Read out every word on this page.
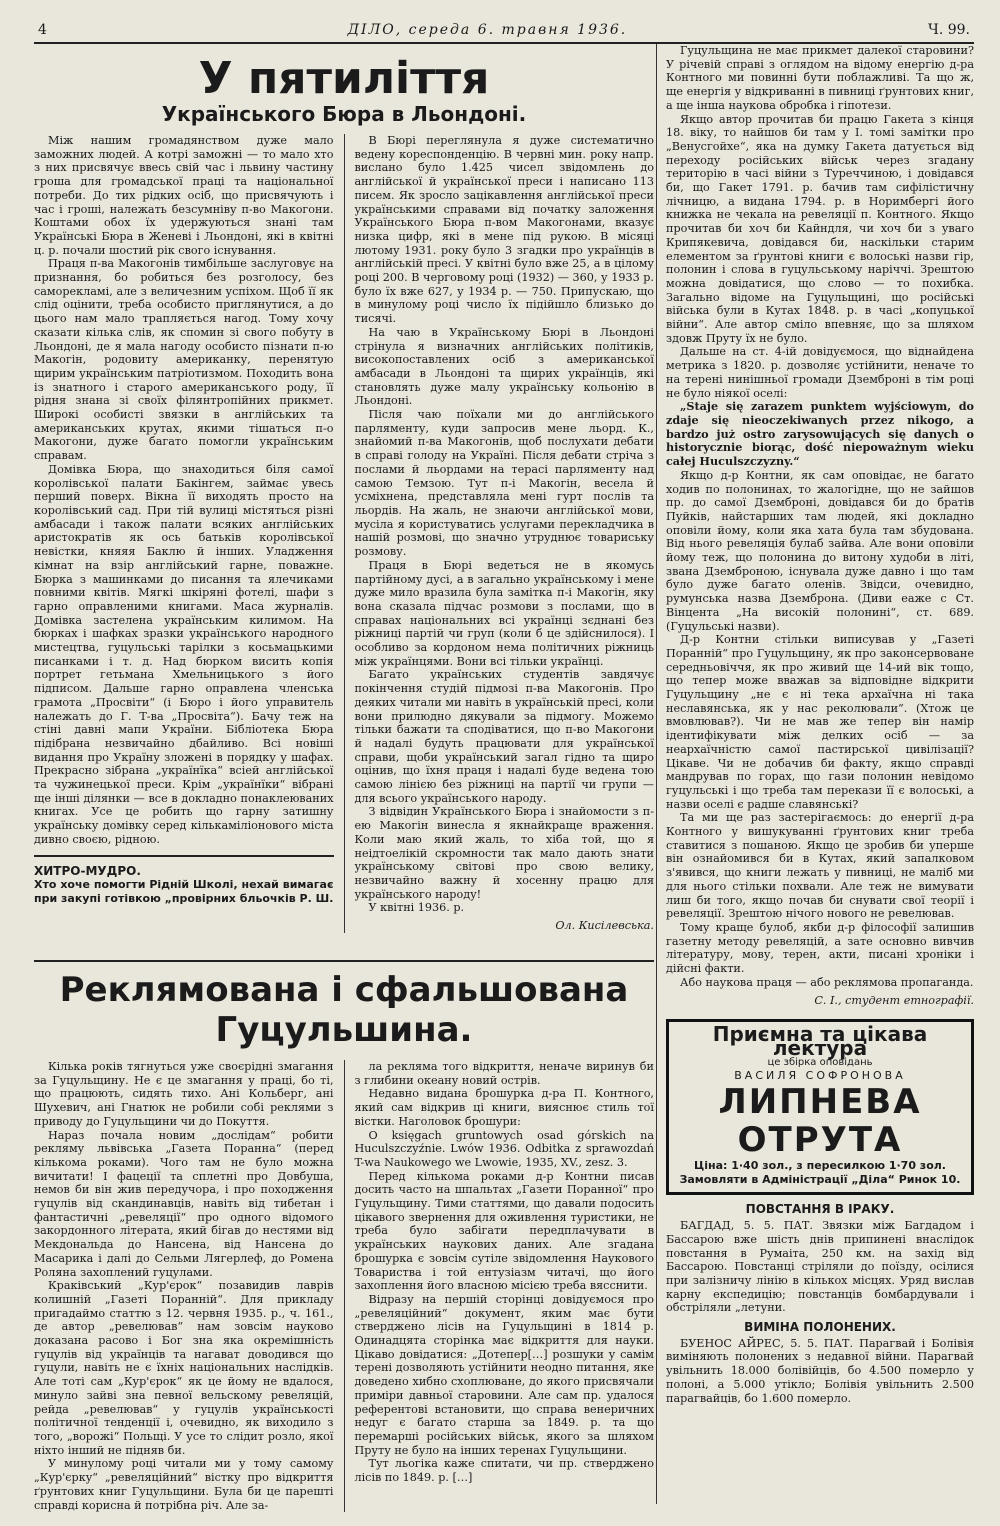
4	ДІЛО, середа 6. травня 1936.	Ч. 99.
У пятиліття
Українського Бюра в Льондоні.

Між нашим громадянством дуже мало заможних людей. А котрі заможні — то мало хто з них присвячує ввесь свій час і львину частину гроша для громадської праці та національної потреби. До тих рідких осіб, що присвячують і час і гроші, належать безсумніву п-во Макогони. Коштами обох їх удержуються знані там Українські Бюра в Женеві і Льондоні, які в квітні ц. р. почали шостий рік свого існування.

Праця п-ва Макогонів тимбільше заслуговує на признання, бо робиться без розголосу, без саморекламі, але з величезним успіхом. Щоб її як слід оцінити, треба особисто приглянутися, а до цього нам мало трапляється нагод. Тому хочу сказати кілька слів, як спомин зі свого побуту в Льондоні, де я мала нагоду особисто пізнати п-ю Макогін, родовиту американку, перенятую щирим українським патріотизмом. Походить вона із знатного і старого американського роду, її рідня знана зі своїх філянтропійних прикмет. Широкі особисті звязки в англійських та американських крутах, якими тішаться п-о Макогони, дуже багато помогли українським справам.

Домівка Бюра, що знаходиться біля самої королівської палати Бакінгем, займає увесь перший поверх. Вікна її виходять просто на королівський сад. При тій вулиці містяться різні амбасади і також палати всяких англійських аристократів як ось батьків королівської невістки, княяя Баклю й інших. Уладження кімнат на взір англійський гарне, поважне. Бюрка з машинками до писання та ялечиками повними квітів. Мягкі шкіряні фотелі, шафи з гарно оправленими книгами. Маса журналів. Домівка застелена українським килимом. На бюрках і шафках зразки українського народного мистецтва, гуцульські тарілки з косьмацькими писанками і т. д. Над бюрком висить копія портрет гетьмана Хмельницького з його підписом. Дальше гарно оправлена членська грамота „Просвіти“ (і Бюро і його управитель належать до Г. Т-ва „Просвіта“). Бачу теж на стіні давні мапи України. Бібліотека Бюра підібрана незвичайно дбайливо. Всі новіші видання про Україну зложені в порядку у шафах. Прекрасно зібрана „українїка“ всіей англійської та чужинецької преси. Крім „українїки“ вібрані ще інші ділянки — все в докладно понаклеюваних книгах. Усе це робить що гарну затишну українську домівку серед кількаміліонового міста дивно своєю, рідною.

ХИТРО-МУДРО.
Хто хоче помогти Рідній Школі, нехай вимагає при закупі готівкою „провірних бльочків Р. Ш.

В Бюрі переглянула я дуже систематично ведену кореспонденцію. В червні мин. року напр. вислано було 1.425 чисел звідомлень до англійської й української преси і написано 113 писем. Як зросло зацікавлення англійської преси українськими справами від початку заложення Українського Бюра п-вом Макогонами, вказує низка цифр, які в мене під рукою. В місяці лютому 1931. року було 3 згадки про українців в англійській пресі. У квітні було вже 25, а в цілому році 200. В черговому році (1932) — 360, у 1933 р. було їх вже 627, у 1934 р. — 750. Припускаю, що в минулому році число їх підійшло близько до тисячі.

На чаю в Українському Бюрі в Льондоні стрінула я визначних англійських політиків, високопоставлених осіб з американської амбасади в Льондоні та щирих українців, які становлять дуже малу українську кольонію в Льондоні.

Після чаю поїхали ми до англійського парляменту, куди запросив мене льорд. К., знайомий п-ва Макогонів, щоб послухати дебати в справі голоду на Україні. Після дебати стріча з послами й льордами на терасі парляменту над самою Темзою. Тут п-і Макогін, весела й усміхнена, представляла мені гурт послів та льордів. На жаль, не знаючи англійської мови, мусіла я користуватись услугами перекладчика в нашій розмові, що значно утруднює товариську розмову.

Праця в Бюрі ведеться не в якомусь партійному дусі, а в загально українському і мене дуже мило вразила була замітка п-і Макогін, яку вона сказала підчас розмови з послами, що в справах національних всі українці зєднані без ріжниці партій чи груп (коли б це здійснилося). І особливо за кордоном нема політичних ріжниць між українцями. Вони всі тільки українці.

Багато українських студентів завдячує покінчення студій підмозі п-ва Макогонів. Про деяких читали ми навіть в українській пресі, коли вони прилюдно дякували за підмогу. Можемо тільки бажати та сподіватися, що п-во Макогони й надалі будуть працювати для української справи, щоби український загал гідно та щиро оцінив, що їхня праця і надалі буде ведена тою самою лінією без ріжниці на партії чи групи — для всього українського народу.

З відвідин Українського Бюра і знайомости з п-ею Макогін винесла я якнайкраще враження. Коли маю який жаль, то хіба той, що я неідтоелікій скромности так мало дають знати українському світові про свою велику, незвичайно важну й хосенну працю для українського народу!

У квітні 1936. р.

Ол. Кисілевська.
Реклямована і сфальшована
Гуцульшина.

Кілька років тягнуться уже своєрідні змагання за Гуцульщину. Не є це змагання у праці, бо ті, що працюють, сидять тихо. Ані Кольберг, ані Шухевич, ані Гнатюк не робили собі реклями з приводу до Гуцульщини чи до Покуття.

Нараз почала новим „дослідам“ робити рекляму львівська „Газета Поранна“ (перед кількома роками). Чого там не було можна вичитати! І фацеції та сплетні про Довбуша, немов би він жив передучора, і про походження гуцулів від скандинавців, навіть від тибетан і фантастичні „ревеляції“ про одного відомого закордонного літерата, який бігав до нестями від Мекдональда до Нансена, від Нансена до Масарика і далі до Сельми Лягерлеф, до Ромена Роляна захоплений гуцулами.

Краківський „Кур'єрок“ позавидив лаврів колишній „Газеті Поранній“. Для прикладу пригадаймо статтю з 12. червня 1935. р., ч. 161., де автор „ревелював“ нам зовсім науково доказана расово і Бог зна яка окремішність гуцулів від українців та нагават доводився що гуцули, навіть не є їхніх національних наслідків. Але тоті сам „Кур'єрок“ як це йому не вдалося, минуло зайві зна певної вельскому ревеляцій, рейда „ревелював“ у гуцулів українськості політичної тенденції і, очевидно, як виходило з того, „ворожі“ Польщі. У усе то слідит розло, якої ніхто інший не підняв би.

У минулому році читали ми у тому самому „Кур'єрку“ „ревеляційний“ вістку про відкриття ґрунтових книг Гуцульщини. Була би це парешті справді корисна й потрібна річ. Але за-

ла рекляма того відкриття, неначе виринув би з глибини океану новий острів.

Недавно видана брошурка д-ра П. Контного, який сам відкрив ці книги, вияснює стиль тої вістки. Наголовок брошури:

O księgach gruntowych osad górskich na Huculszczyźnie. Lwów 1936. Odbitka z sprawozdań T-wa Naukowego we Lwowie, 1935, XV., zesz. 3.

Перед кількома роками д-р Контни писав досить часто на шпальтах „Газети Поранної“ про Гуцульщину. Тими статтями, що давали подосить цікавого звернення для оживлення туристики, не треба було забігати передплачувати в українських наукових даних. Але згадана брошурка є зовсім сутіле звідомлення Наукового Товариства і той ентузіазм читачі, що його захоплення його власною місією треба вясснити.

Відразу на першій сторінці довідуємося про „ревеляційний“ документ, яким має бути стверджено лісів на Гуцульщині в 1814 р. Одинадцята сторінка має відкриття для науки. Цікаво довідатися: „Дотепер[…] розшуки у самім терені дозволяють устійнити неодно питання, яке доведено хибно схоплюване, до якого присвячали приміри давньої старовини. Але сам пр. удалося референтові встановити, що справа венеричних недуг є багато старша за 1849. р. та що перемарші російських військ, якого за шляхом Пруту не було на інших теренах Гуцульщини.

Тут льогіка каже спитати, чи пр. стверджено лісів по 1849. р. […]

Гуцульщина не має прикмет далекої старовини? У річевій справі з оглядом на відому енергію д-ра Контного ми повинні бути поблажливі. Та що ж, ще енергія у відкриванні в пивниці ґрунтових книг, а ще інша наукова обробка і гіпотези.

Якщо автор прочитав би працю Гакета з кінця 18. віку, то найшов би там у І. томі замітки про „Венусгойхе“, яка на думку Гакета датується від переходу російських військ через згадану територію в часі війни з Туреччиною, і довідався би, що Гакет 1791. р. бачив там сифілістичну лічницю, а видана 1794. р. в Норимбергі його книжка не чекала на ревеляції п. Контного. Якщо прочитав би хоч би Кайндля, чи хоч би з уваго Крипякевича, довідався би, наскільки старим елементом за ґрунтові книги є волоські назви гір, полонин і слова в гуцульському наріччі. Зрештою можна довідатися, що слово — то похибка. Загально відоме на Гуцульщині, що російські війська були в Кутах 1848. р. в часі „копуцької війни“. Але автор сміло впевняє, що за шляхом здовж Пруту їх не було.

Дальше на ст. 4-ій довідуємося, що віднайдена метрика з 1820. р. дозволяє устійнити, неначе то на терені нинішньої громади Дземброні в тім році не було ніякої оселі:

„Staje się zarazem punktem wyjściowym, do zdaje się nieoczekiwanych przez nikogo, a bardzo już ostro zarysowujących się danych o historycznie biorąc, dość niepoważnym wieku całej Huculszczyzny.“

Якщо д-р Контни, як сам оповідає, не багато ходив по полонинах, то жалогідне, що не зайшов пр. до самої Дземброні, довідався би до братів Пуйків, найстарших там людей, які докладно оповіли йому, коли яка хата була там збудована. Від нього ревеляція булаб зайва. Але вони оповіли йому теж, що полонина до витону худоби в літі, звана Дземброною, існувала дуже давно і що там було дуже багато оленів. Звідси, очевидно, румунська назва Дземброна. (Диви еаже с Ст. Вінцента „На високій полонині“, ст. 689. (Гуцульські назви).

Д-р Контни стільки виписував у „Газеті Поранній“ про Гуцульщину, як про законсервоване середньовіччя, як про живий ще 14-ий вік тощо, що тепер може вважав за відповідне відкрити Гуцульщину „не є ні тека архаїчна ні така неславянська, як у нас реколювали“. (Хтож це вмовлював?). Чи не мав же тепер він намір ідентифікувати між делких осіб — за неархаїчністю самої пастирської цивілізації? Цікаве. Чи не добачив би факту, якщо справді мандрував по горах, що гази полонин невідомо гуцульські і що треба там перекази її є волоські, а назви оселі є радше славянські?

Та ми ще раз застерігаємось: до енергії д-ра Контного у вишукуванні ґрунтових книг треба ставитися з пошаною. Якщо це зробив би уперше він ознайомився би в Кутах, який запалковом з'явився, що книги лежать у пивниці, не маліб ми для нього стільки похвали. Але теж не вимувати лиш би того, якщо почав би снувати свої теорії і ревеляції. Зрештою нічого нового не ревелював.

Тому краще булоб, якби д-р філософії залишив газетну методу ревеляцій, а зате основно вивчив літературу, мову, терен, акти, писані хроніки і дійсні факти.

Або наукова праця — або реклямова пропаганда.

С. І., студент етнографії.
Приємна та цікава лектура
це збірка оповідань
ВАСИЛЯ СОФРОНОВА
ЛИПНЕВА ОТРУТА
Ціна: 1·40 зол., з пересилкою 1·70 зол.
Замовляти в Адміністрації „Діла“ Ринок 10.
ПОВСТАННЯ В ІРАКУ.

БАГДАД, 5. 5. ПАТ. Звязки між Багдадом і Бассарою вже шість днів припинені внаслідок повстання в Румаіта, 250 км. на захід від Бассарою. Повстанці стріляли до поїзду, осілися при залізничу лінію в кількох місцях. Уряд вислав карну експедицію; повстанців бомбардували і обстріляли „летуни.

ВИМІНА ПОЛОНЕНИХ.

БУЕНОС АЙРЕС, 5. 5. ПАТ. Парагвай і Болівія виміняють полонених з недавної війни. Парагвай увільнить 18.000 болівійців, бо 4.500 померло у полоні, а 5.000 утікло; Болівія увільнить 2.500 парагвайців, бо 1.600 померло.
